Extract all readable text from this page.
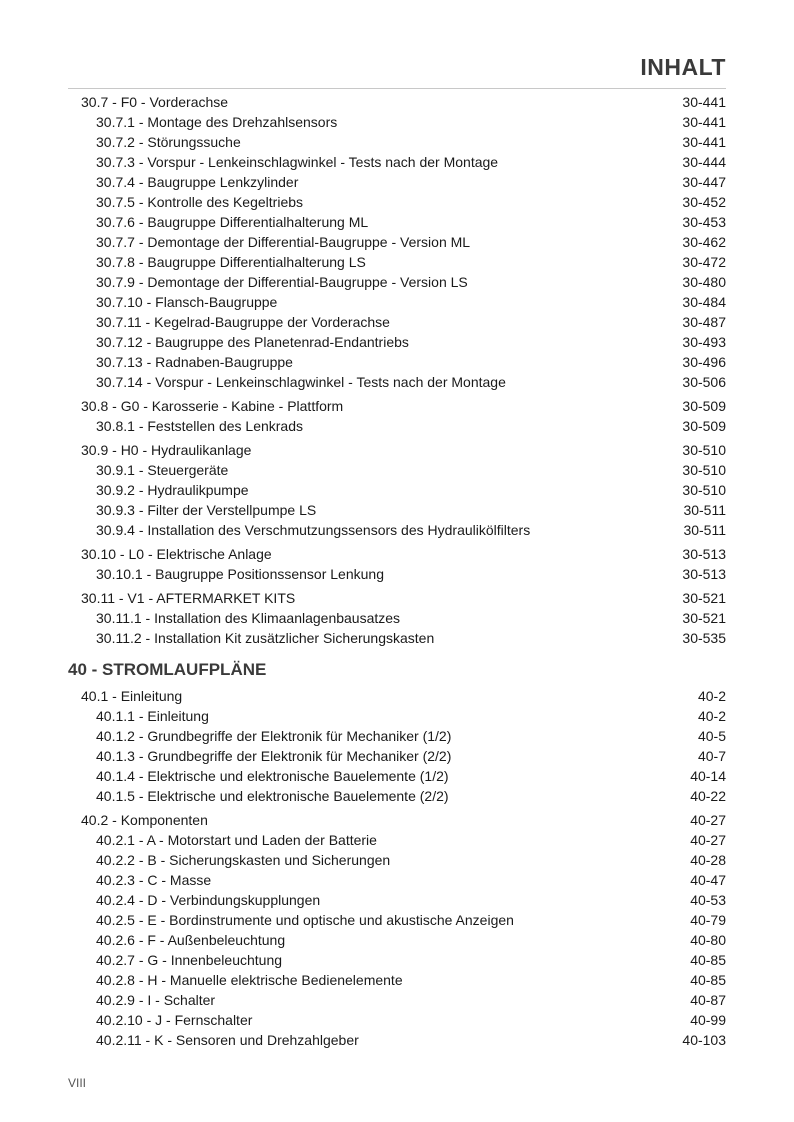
INHALT
30.7 - F0 - Vorderachse	30-441
30.7.1 - Montage des Drehzahlsensors	30-441
30.7.2 - Störungssuche	30-441
30.7.3 - Vorspur - Lenkeinschlagwinkel - Tests nach der Montage	30-444
30.7.4 - Baugruppe Lenkzylinder	30-447
30.7.5 - Kontrolle des Kegeltriebs	30-452
30.7.6 - Baugruppe Differentialhalterung ML	30-453
30.7.7 - Demontage der Differential-Baugruppe - Version ML	30-462
30.7.8 - Baugruppe Differentialhalterung LS	30-472
30.7.9 - Demontage der Differential-Baugruppe - Version LS	30-480
30.7.10 - Flansch-Baugruppe	30-484
30.7.11 - Kegelrad-Baugruppe der Vorderachse	30-487
30.7.12 - Baugruppe des Planetenrad-Endantriebs	30-493
30.7.13 - Radnaben-Baugruppe	30-496
30.7.14 - Vorspur - Lenkeinschlagwinkel - Tests nach der Montage	30-506
30.8 - G0 - Karosserie - Kabine - Plattform	30-509
30.8.1 - Feststellen des Lenkrads	30-509
30.9 - H0 - Hydraulikanlage	30-510
30.9.1 - Steuergeräte	30-510
30.9.2 - Hydraulikpumpe	30-510
30.9.3 - Filter der Verstellpumpe LS	30-511
30.9.4 - Installation des Verschmutzungssensors des Hydraulikölfilters	30-511
30.10 - L0 - Elektrische Anlage	30-513
30.10.1 - Baugruppe Positionssensor Lenkung	30-513
30.11 - V1 - AFTERMARKET KITS	30-521
30.11.1 - Installation des Klimaanlagenbausatzes	30-521
30.11.2 - Installation Kit zusätzlicher Sicherungskasten	30-535
40 - STROMLAUFPLÄNE
40.1 - Einleitung	40-2
40.1.1 - Einleitung	40-2
40.1.2 - Grundbegriffe der Elektronik für Mechaniker (1/2)	40-5
40.1.3 - Grundbegriffe der Elektronik für Mechaniker (2/2)	40-7
40.1.4 - Elektrische und elektronische Bauelemente (1/2)	40-14
40.1.5 - Elektrische und elektronische Bauelemente (2/2)	40-22
40.2 - Komponenten	40-27
40.2.1 - A - Motorstart und Laden der Batterie	40-27
40.2.2 - B - Sicherungskasten und Sicherungen	40-28
40.2.3 - C - Masse	40-47
40.2.4 - D - Verbindungskupplungen	40-53
40.2.5 - E - Bordinstrumente und optische und akustische Anzeigen	40-79
40.2.6 - F - Außenbeleuchtung	40-80
40.2.7 - G - Innenbeleuchtung	40-85
40.2.8 - H - Manuelle elektrische Bedienelemente	40-85
40.2.9 - I - Schalter	40-87
40.2.10 - J - Fernschalter	40-99
40.2.11 - K - Sensoren und Drehzahlgeber	40-103
VIII
